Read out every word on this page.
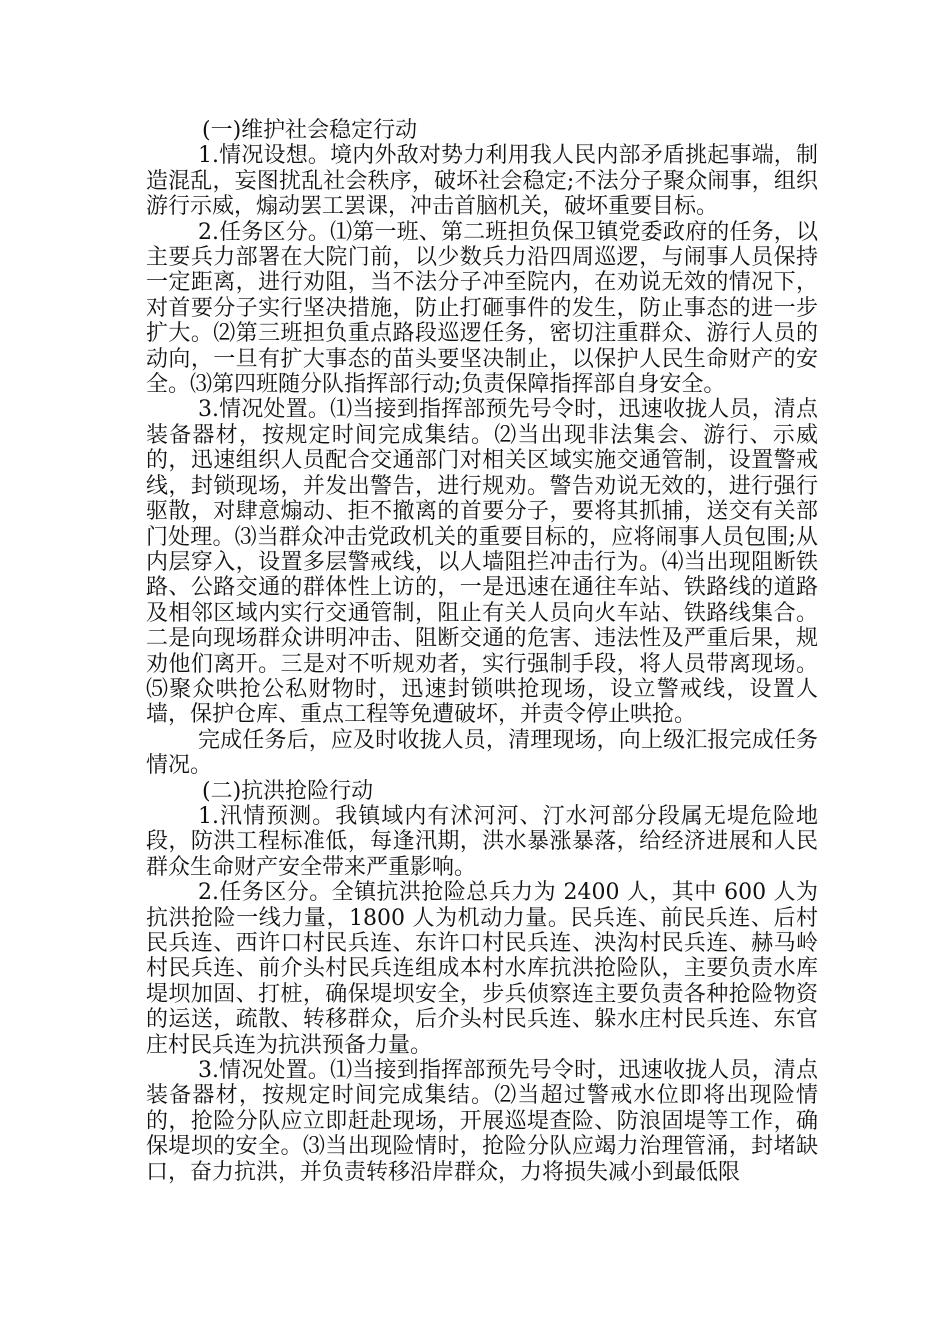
(一)维护社会稳定行动

1.情况设想。境内外敌对势力利用我人民内部矛盾挑起事端，制造混乱，妄图扰乱社会秩序，破坏社会稳定;不法分子聚众闹事，组织游行示威，煽动罢工罢课，冲击首脑机关，破坏重要目标。

2.任务区分。⑴第一班、第二班担负保卫镇党委政府的任务，以主要兵力部署在大院门前，以少数兵力沿四周巡逻，与闹事人员保持一定距离，进行劝阻，当不法分子冲至院内，在劝说无效的情况下，对首要分子实行坚决措施，防止打砸事件的发生，防止事态的进一步扩大。⑵第三班担负重点路段巡逻任务，密切注重群众、游行人员的动向，一旦有扩大事态的苗头要坚决制止，以保护人民生命财产的安全。⑶第四班随分队指挥部行动;负责保障指挥部自身安全。

3.情况处置。⑴当接到指挥部预先号令时，迅速收拢人员，清点装备器材，按规定时间完成集结。⑵当出现非法集会、游行、示威的，迅速组织人员配合交通部门对相关区域实施交通管制，设置警戒线，封锁现场，并发出警告，进行规劝。警告劝说无效的，进行强行驱散，对肆意煽动、拒不撤离的首要分子，要将其抓捕，送交有关部门处理。⑶当群众冲击党政机关的重要目标的，应将闹事人员包围;从内层穿入，设置多层警戒线，以人墙阻拦冲击行为。⑷当出现阻断铁路、公路交通的群体性上访的，一是迅速在通往车站、铁路线的道路及相邻区域内实行交通管制，阻止有关人员向火车站、铁路线集合。二是向现场群众讲明冲击、阻断交通的危害、违法性及严重后果，规劝他们离开。三是对不听规劝者，实行强制手段，将人员带离现场。⑸聚众哄抢公私财物时，迅速封锁哄抢现场，设立警戒线，设置人墙，保护仓库、重点工程等免遭破坏，并责令停止哄抢。

完成任务后，应及时收拢人员，清理现场，向上级汇报完成任务情况。

(二)抗洪抢险行动

1.汛情预测。我镇域内有沭河河、汀水河部分段属无堤危险地段，防洪工程标准低，每逢汛期，洪水暴涨暴落，给经济进展和人民群众生命财产安全带来严重影响。

2.任务区分。全镇抗洪抢险总兵力为 2400 人，其中 600 人为抗洪抢险一线力量，1800 人为机动力量。民兵连、前民兵连、后村民兵连、西许口村民兵连、东许口村民兵连、泱沟村民兵连、赫马岭村民兵连、前介头村民兵连组成本村水库抗洪抢险队，主要负责水库堤坝加固、打桩，确保堤坝安全，步兵侦察连主要负责各种抢险物资的运送，疏散、转移群众，后介头村民兵连、躲水庄村民兵连、东官庄村民兵连为抗洪预备力量。

3.情况处置。⑴当接到指挥部预先号令时，迅速收拢人员，清点装备器材，按规定时间完成集结。⑵当超过警戒水位即将出现险情的，抢险分队应立即赶赴现场，开展巡堤查险、防浪固堤等工作，确保堤坝的安全。⑶当出现险情时，抢险分队应竭力治理管涌，封堵缺口，奋力抗洪，并负责转移沿岸群众，力将损失减小到最低限
